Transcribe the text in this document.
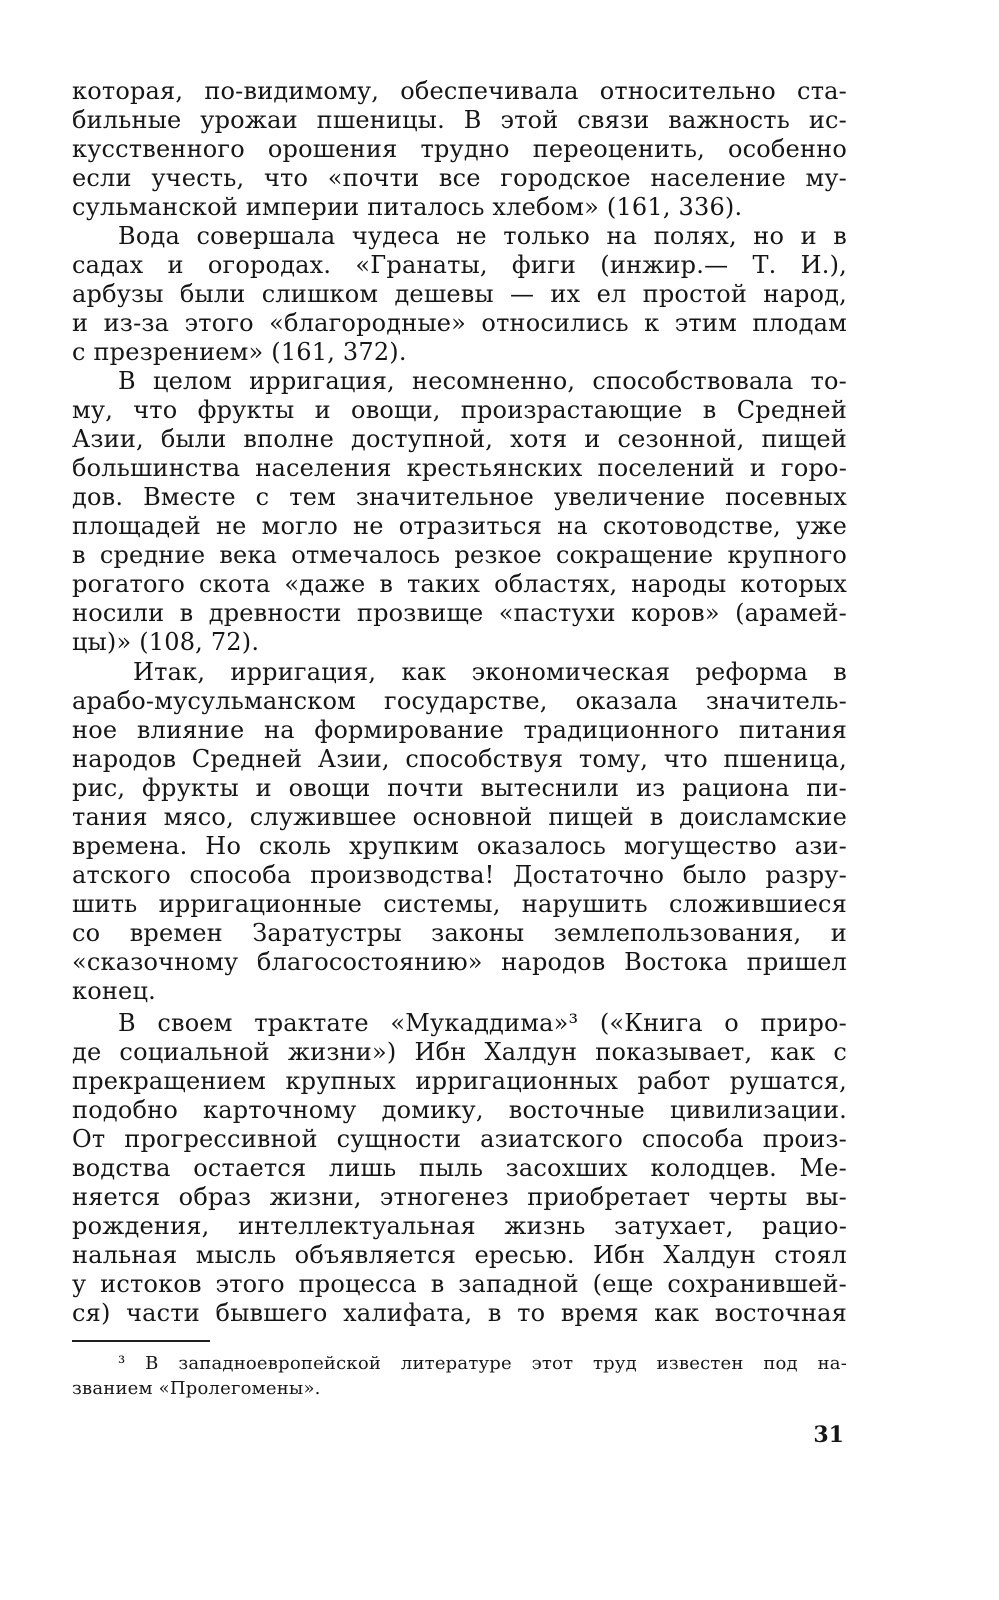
которая, по-видимому, обеспечивала относительно ста-
бильные урожаи пшеницы. В этой связи важность ис-
кусственного орошения трудно переоценить, особенно
если учесть, что «почти все городское население му-
сульманской империи питалось хлебом» (161, 336).
Вода совершала чудеса не только на полях, но и в
садах и огородах. «Гранаты, фиги (инжир.— Т. И.),
арбузы были слишком дешевы — их ел простой народ,
и из-за этого «благородные» относились к этим плодам
с презрением» (161, 372).
В целом ирригация, несомненно, способствовала то-
му, что фрукты и овощи, произрастающие в Средней
Азии, были вполне доступной, хотя и сезонной, пищей
большинства населения крестьянских поселений и горо-
дов. Вместе с тем значительное увеличение посевных
площадей не могло не отразиться на скотоводстве, уже
в средние века отмечалось резкое сокращение крупного
рогатого скота «даже в таких областях, народы которых
носили в древности прозвище «пастухи коров» (арамей-
цы)» (108, 72).
Итак, ирригация, как экономическая реформа в
арабо-мусульманском государстве, оказала значитель-
ное влияние на формирование традиционного питания
народов Средней Азии, способствуя тому, что пшеница,
рис, фрукты и овощи почти вытеснили из рациона пи-
тания мясо, служившее основной пищей в доисламские
времена. Но сколь хрупким оказалось могущество ази-
атского способа производства! Достаточно было разру-
шить ирригационные системы, нарушить сложившиеся
со времен Заратустры законы землепользования, и
«сказочному благосостоянию» народов Востока пришел
конец.
В своем трактате «Мукаддима»³ («Книга о приро-
де социальной жизни») Ибн Халдун показывает, как с
прекращением крупных ирригационных работ рушатся,
подобно карточному домику, восточные цивилизации.
От прогрессивной сущности азиатского способа произ-
водства остается лишь пыль засохших колодцев. Ме-
няется образ жизни, этногенез приобретает черты вы-
рождения, интеллектуальная жизнь затухает, рацио-
нальная мысль объявляется ересью. Ибн Халдун стоял
у истоков этого процесса в западной (еще сохранившей-
ся) части бывшего халифата, в то время как восточная
³ В западноевропейской литературе этот труд известен под на-
званием «Пролегомены».
31
